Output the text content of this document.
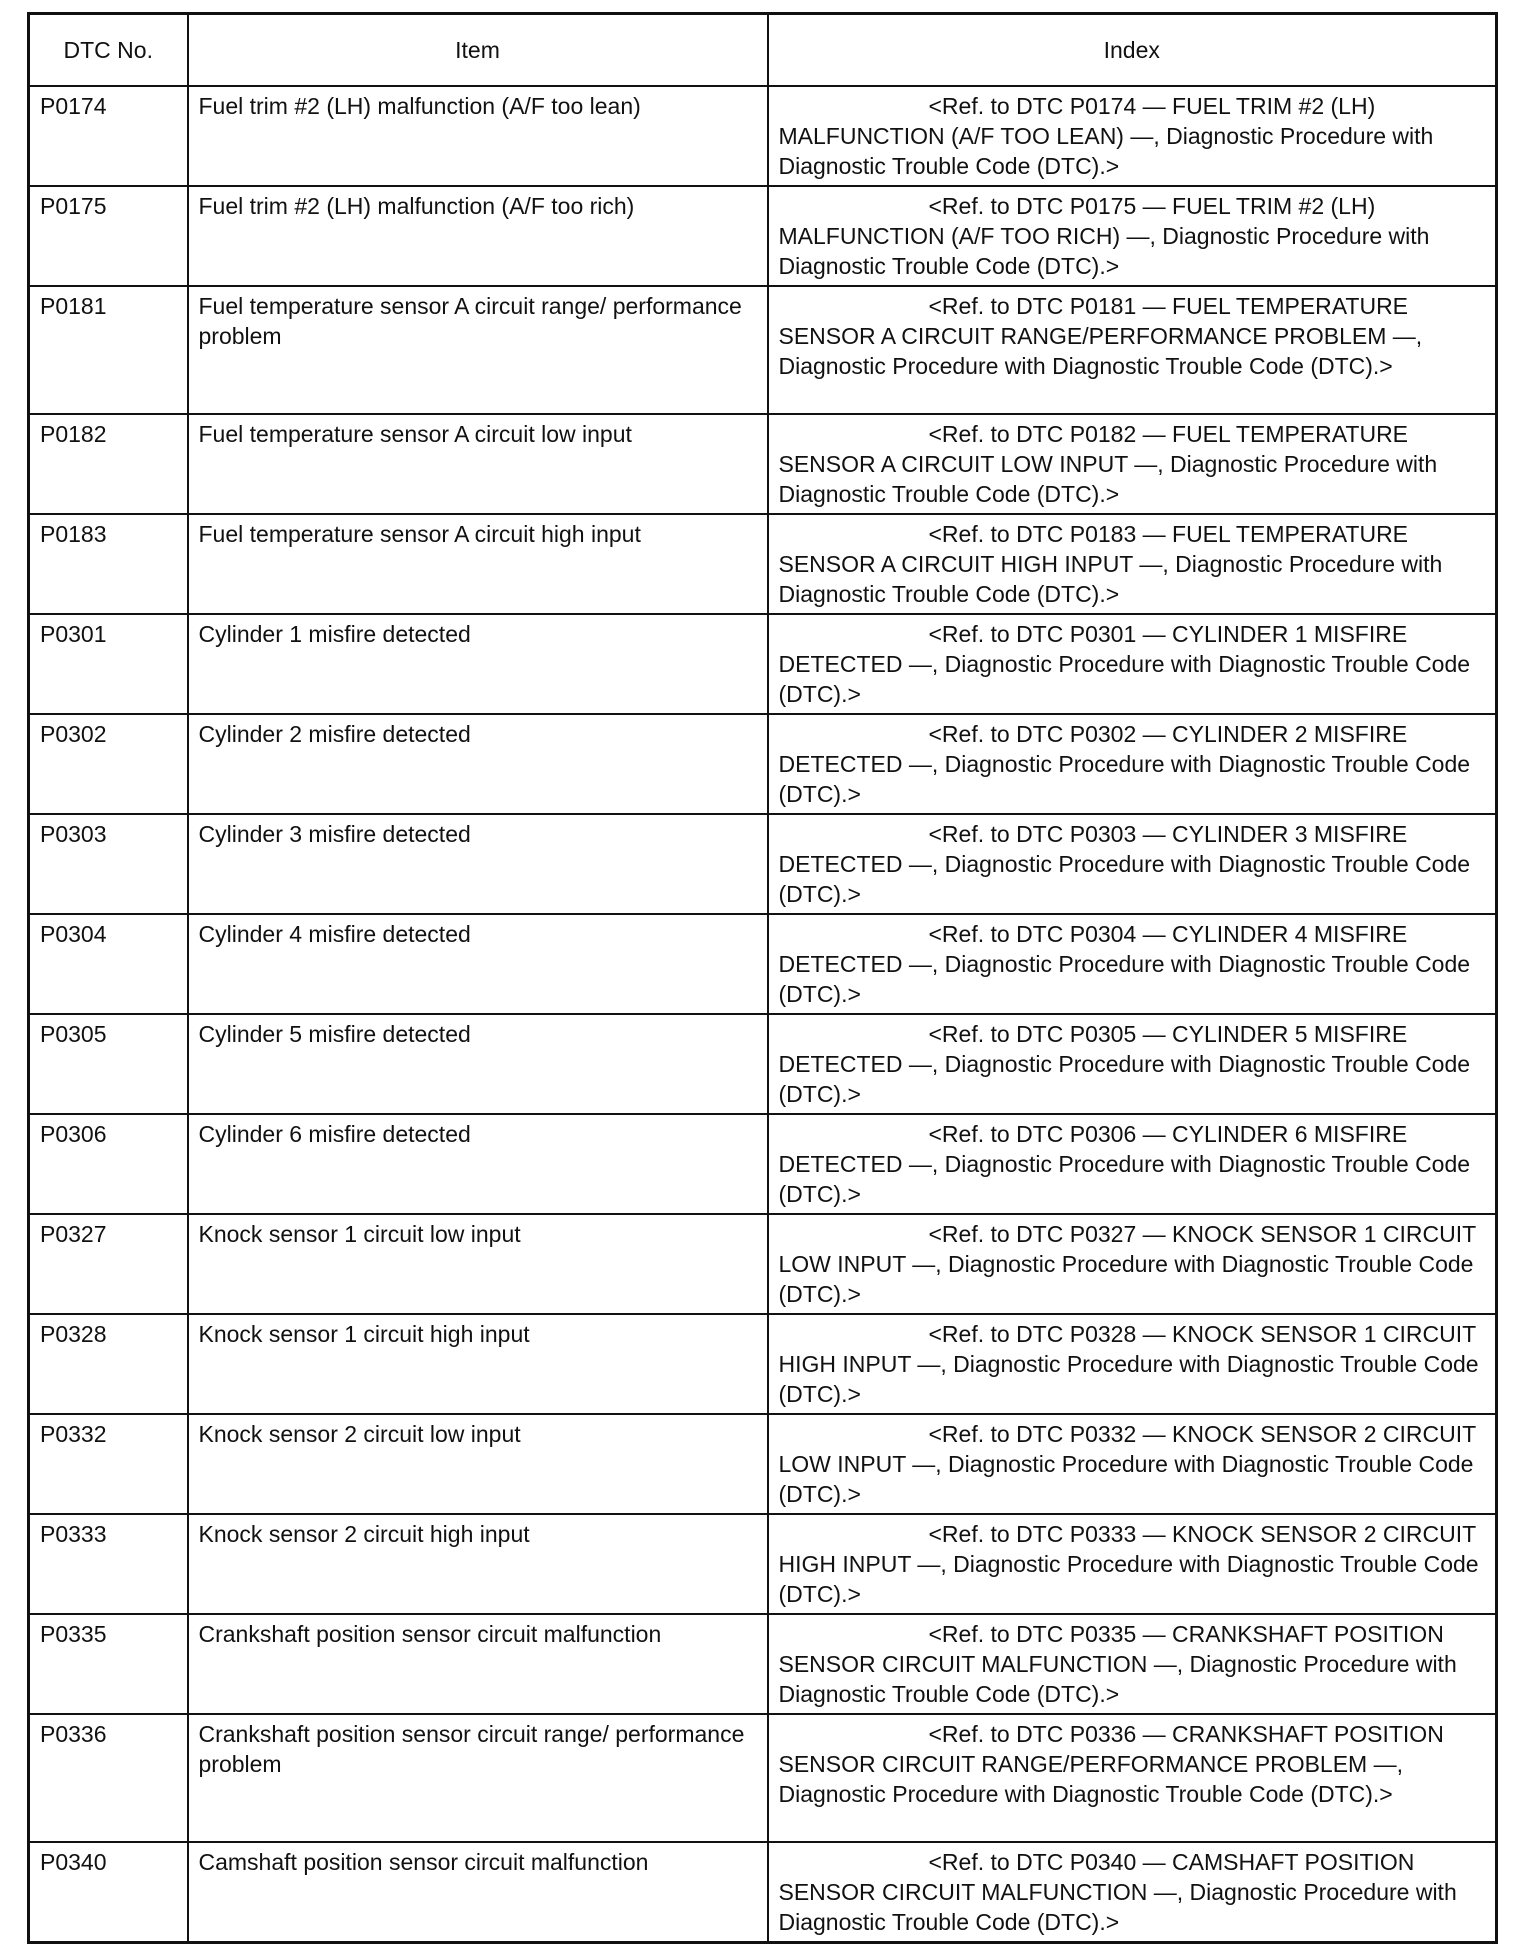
DTC No.	Item	Index
P0174	Fuel trim #2 (LH) malfunction (A/F too lean)	<Ref. to DTC P0174 — FUEL TRIM #2 (LH) MALFUNCTION (A/F TOO LEAN) —, Diagnostic Procedure with Diagnostic Trouble Code (DTC).>
P0175	Fuel trim #2 (LH) malfunction (A/F too rich)	<Ref. to DTC P0175 — FUEL TRIM #2 (LH) MALFUNCTION (A/F TOO RICH) —, Diagnostic Procedure with Diagnostic Trouble Code (DTC).>
P0181	Fuel temperature sensor A circuit range/ performance problem	<Ref. to DTC P0181 — FUEL TEMPERATURE SENSOR A CIRCUIT RANGE/PERFORMANCE PROBLEM —, Diagnostic Procedure with Diagnostic Trouble Code (DTC).>
P0182	Fuel temperature sensor A circuit low input	<Ref. to DTC P0182 — FUEL TEMPERATURE SENSOR A CIRCUIT LOW INPUT —, Diagnostic Procedure with Diagnostic Trouble Code (DTC).>
P0183	Fuel temperature sensor A circuit high input	<Ref. to DTC P0183 — FUEL TEMPERATURE SENSOR A CIRCUIT HIGH INPUT —, Diagnostic Procedure with Diagnostic Trouble Code (DTC).>
P0301	Cylinder 1 misfire detected	<Ref. to DTC P0301 — CYLINDER 1 MISFIRE DETECTED —, Diagnostic Procedure with Diagnostic Trouble Code (DTC).>
P0302	Cylinder 2 misfire detected	<Ref. to DTC P0302 — CYLINDER 2 MISFIRE DETECTED —, Diagnostic Procedure with Diagnostic Trouble Code (DTC).>
P0303	Cylinder 3 misfire detected	<Ref. to DTC P0303 — CYLINDER 3 MISFIRE DETECTED —, Diagnostic Procedure with Diagnostic Trouble Code (DTC).>
P0304	Cylinder 4 misfire detected	<Ref. to DTC P0304 — CYLINDER 4 MISFIRE DETECTED —, Diagnostic Procedure with Diagnostic Trouble Code (DTC).>
P0305	Cylinder 5 misfire detected	<Ref. to DTC P0305 — CYLINDER 5 MISFIRE DETECTED —, Diagnostic Procedure with Diagnostic Trouble Code (DTC).>
P0306	Cylinder 6 misfire detected	<Ref. to DTC P0306 — CYLINDER 6 MISFIRE DETECTED —, Diagnostic Procedure with Diagnostic Trouble Code (DTC).>
P0327	Knock sensor 1 circuit low input	<Ref. to DTC P0327 — KNOCK SENSOR 1 CIRCUIT LOW INPUT —, Diagnostic Procedure with Diagnostic Trouble Code (DTC).>
P0328	Knock sensor 1 circuit high input	<Ref. to DTC P0328 — KNOCK SENSOR 1 CIRCUIT HIGH INPUT —, Diagnostic Procedure with Diagnostic Trouble Code (DTC).>
P0332	Knock sensor 2 circuit low input	<Ref. to DTC P0332 — KNOCK SENSOR 2 CIRCUIT LOW INPUT —, Diagnostic Procedure with Diagnostic Trouble Code (DTC).>
P0333	Knock sensor 2 circuit high input	<Ref. to DTC P0333 — KNOCK SENSOR 2 CIRCUIT HIGH INPUT —, Diagnostic Procedure with Diagnostic Trouble Code (DTC).>
P0335	Crankshaft position sensor circuit malfunction	<Ref. to DTC P0335 — CRANKSHAFT POSITION SENSOR CIRCUIT MALFUNCTION —, Diagnostic Procedure with Diagnostic Trouble Code (DTC).>
P0336	Crankshaft position sensor circuit range/ performance problem	<Ref. to DTC P0336 — CRANKSHAFT POSITION SENSOR CIRCUIT RANGE/PERFORMANCE PROBLEM —, Diagnostic Procedure with Diagnostic Trouble Code (DTC).>
P0340	Camshaft position sensor circuit malfunction	<Ref. to DTC P0340 — CAMSHAFT POSITION SENSOR CIRCUIT MALFUNCTION —, Diagnostic Procedure with Diagnostic Trouble Code (DTC).>
